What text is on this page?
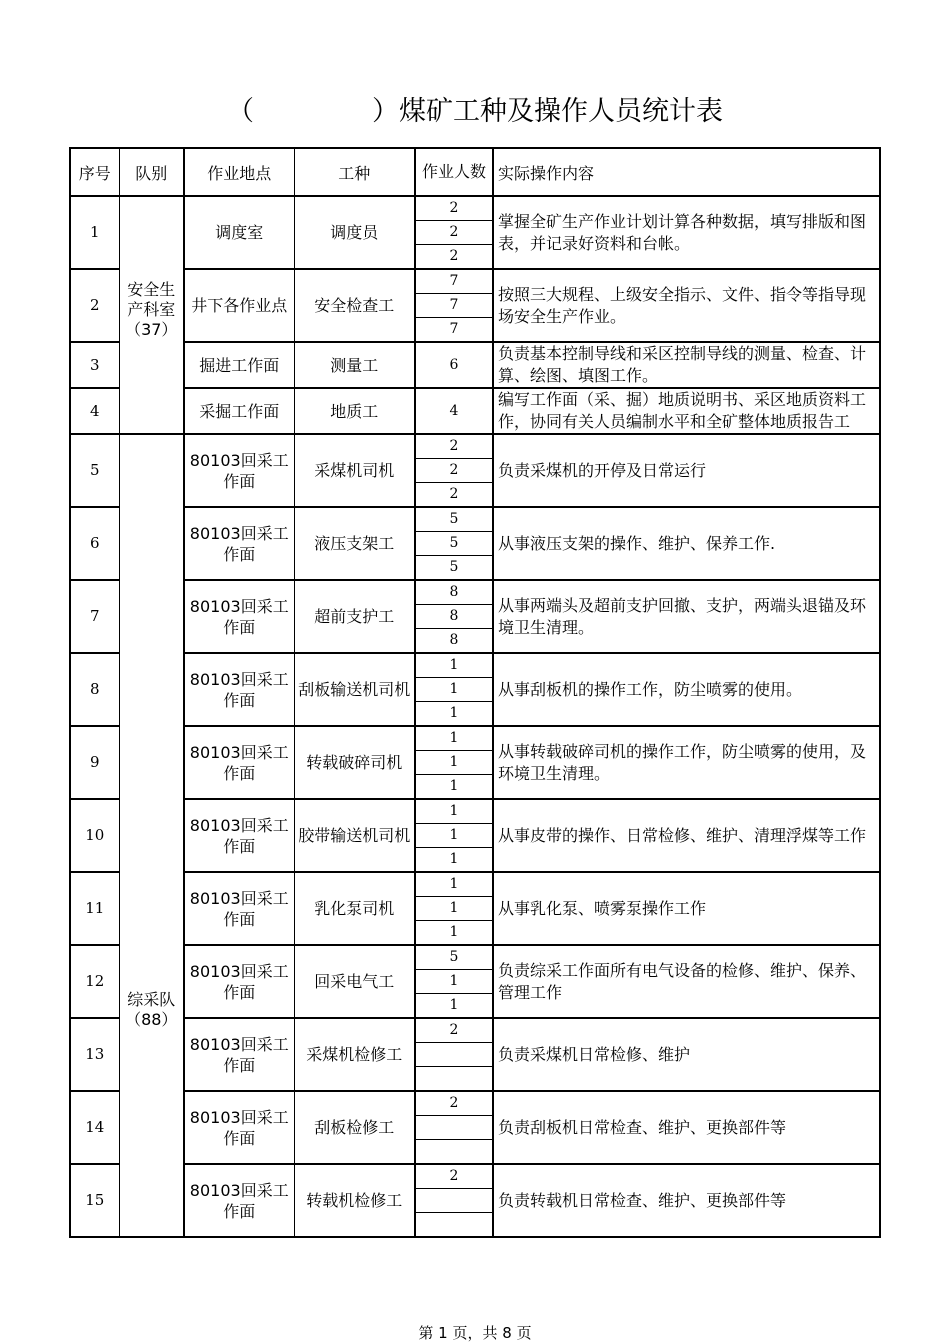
（	）煤矿工种及操作人员统计表
序号	队别	作业地点	工种	作业人数	实际操作内容
1	安全生产科室（37）	调度室	调度员	2	掌握全矿生产作业计划计算各种数据，填写排版和图表，并记录好资料和台帐。
				2	
				2	
2		井下各作业点	安全检查工	7	按照三大规程、上级安全指示、文件、指令等指导现场安全生产作业。
				7	
				7	
3		掘进工作面	测量工	6	负责基本控制导线和采区控制导线的测量、检查、计算、绘图、填图工作。

4		采掘工作面	地质工	4	编写工作面（采、掘）地质说明书、采区地质资料工作，协同有关人员编制水平和全矿整体地质报告工

5	综采队（88）	80103回采工作面	采煤机司机	2	负责采煤机的开停及日常运行
				2	
				2	
6		80103回采工作面	液压支架工	5	从事液压支架的操作、维护、保养工作.
				5	
				5	
7		80103回采工作面	超前支护工	8	从事两端头及超前支护回撤、支护，两端头退锚及环境卫生清理。
				8	
				8	
8		80103回采工作面	刮板输送机司机	1	从事刮板机的操作工作，防尘喷雾的使用。
				1	
				1	
9		80103回采工作面	转载破碎司机	1	从事转载破碎司机的操作工作，防尘喷雾的使用，及环境卫生清理。
				1	
				1	
10		80103回采工作面	胶带输送机司机	1	从事皮带的操作、日常检修、维护、清理浮煤等工作
				1	
				1	
11		80103回采工作面	乳化泵司机	1	从事乳化泵、喷雾泵操作工作
				1	
				1	
12		80103回采工作面	回采电气工	5	负责综采工作面所有电气设备的检修、维护、保养、管理工作
				1	
				1	
13		80103回采工作面	采煤机检修工	2	负责采煤机日常检修、维护

14		80103回采工作面	刮板检修工	2	负责刮板机日常检查、维护、更换部件等

15		80103回采工作面	转载机检修工	2	负责转载机日常检查、维护、更换部件等

第 1 页，共 8 页
